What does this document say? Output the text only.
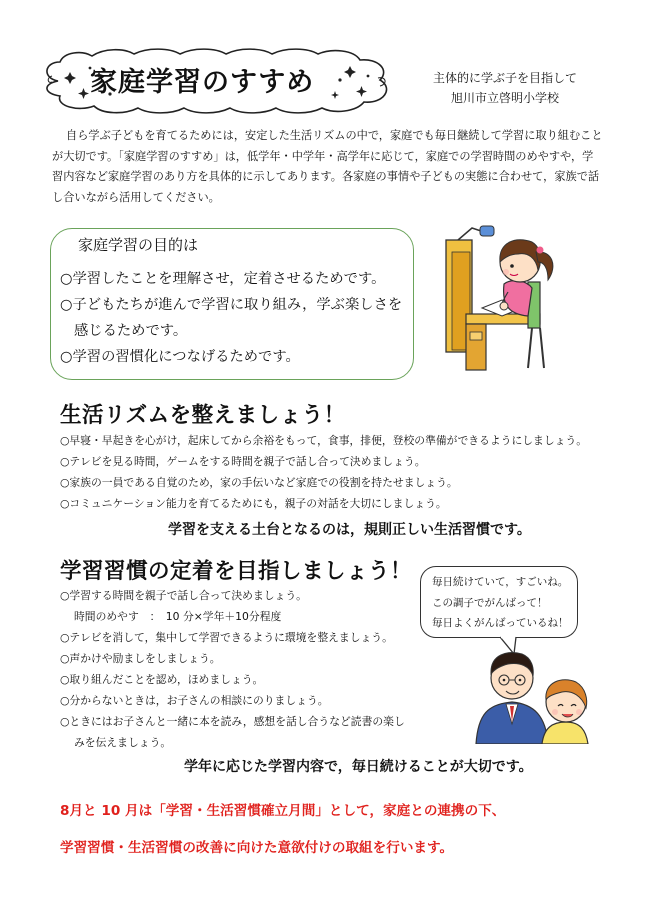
家庭学習のすすめ	主体的に学ぶ子を目指して
旭川市立啓明小学校
自ら学ぶ子どもを育てるためには，安定した生活リズムの中で，家庭でも毎日継続して学習に取り組むことが大切です。「家庭学習のすすめ」は，低学年・中学年・高学年に応じて，家庭での学習時間のめやすや，学習内容など家庭学習のあり方を具体的に示してあります。各家庭の事情や子どもの実態に合わせて，家族で話し合いながら活用してください。
家庭学習の目的は
○学習したことを理解させ，定着させるためです。
○子どもたちが進んで学習に取り組み，学ぶ楽しさを
感じるためです。
○学習の習慣化につなげるためです。
生活リズムを整えましょう！
○早寝・早起きを心がけ，起床してから余裕をもって，食事，排便，登校の準備ができるようにしましょう。
○テレビを見る時間，ゲームをする時間を親子で話し合って決めましょう。
○家族の一員である自覚のため，家の手伝いなど家庭での役割を持たせましょう。
○コミュニケーション能力を育てるためにも，親子の対話を大切にしましょう。
学習を支える土台となるのは，規則正しい生活習慣です。
学習習慣の定着を目指しましょう！
○学習する時間を親子で話し合って決めましょう。
時間のめやす　：　10 分×学年＋10分程度
○テレビを消して，集中して学習できるように環境を整えましょう。
○声かけや励ましをしましょう。
○取り組んだことを認め，ほめましょう。
○分からないときは，お子さんの相談にのりましょう。
○ときにはお子さんと一緒に本を読み，感想を話し合うなど読書の楽し
みを伝えましょう。
毎日続けていて，すごいね。
この調子でがんばって！
毎日よくがんばっているね！
学年に応じた学習内容で，毎日続けることが大切です。
8月と 10 月は「学習・生活習慣確立月間」として，家庭との連携の下、
学習習慣・生活習慣の改善に向けた意欲付けの取組を行います。
